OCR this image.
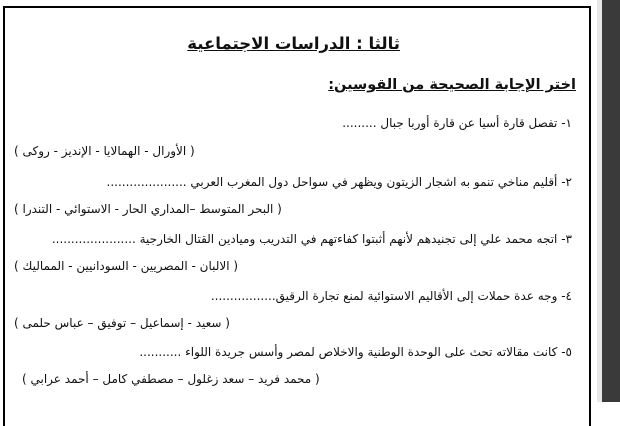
ثالثا : الدراسات الاجتماعية
اختر الإجابة الصحيحة من القوسين:
١- تفصل قارة أسيا عن قارة أوربا جبال .........
( الأورال - الهمالايا - الإنديز - روكى )
٢- أقليم مناخي تنمو به اشجار الزيتون ويظهر في سواحل دول المغرب العربي .....................
( البحر المتوسط –المداري الحار - الاستوائي - التندرا )
٣- اتجه محمد علي إلى تجنيدهم لأنهم أثبتوا كفاءتهم في التدريب وميادين القتال الخارجية ......................
( الالبان - المصريين - السودانيين - المماليك )
٤- وجه عدة حملات إلى الأقاليم الاستوائية لمنع تجارة الرقيق.................
( سعيد - إسماعيل – توفيق – عباس حلمى )
٥- كانت مقالاته تحث على الوحدة الوطنية والاخلاص لمصر وأسس جريدة اللواء ...........
( محمد فريد – سعد زغلول – مصطفي كامل – أحمد عرابي )
